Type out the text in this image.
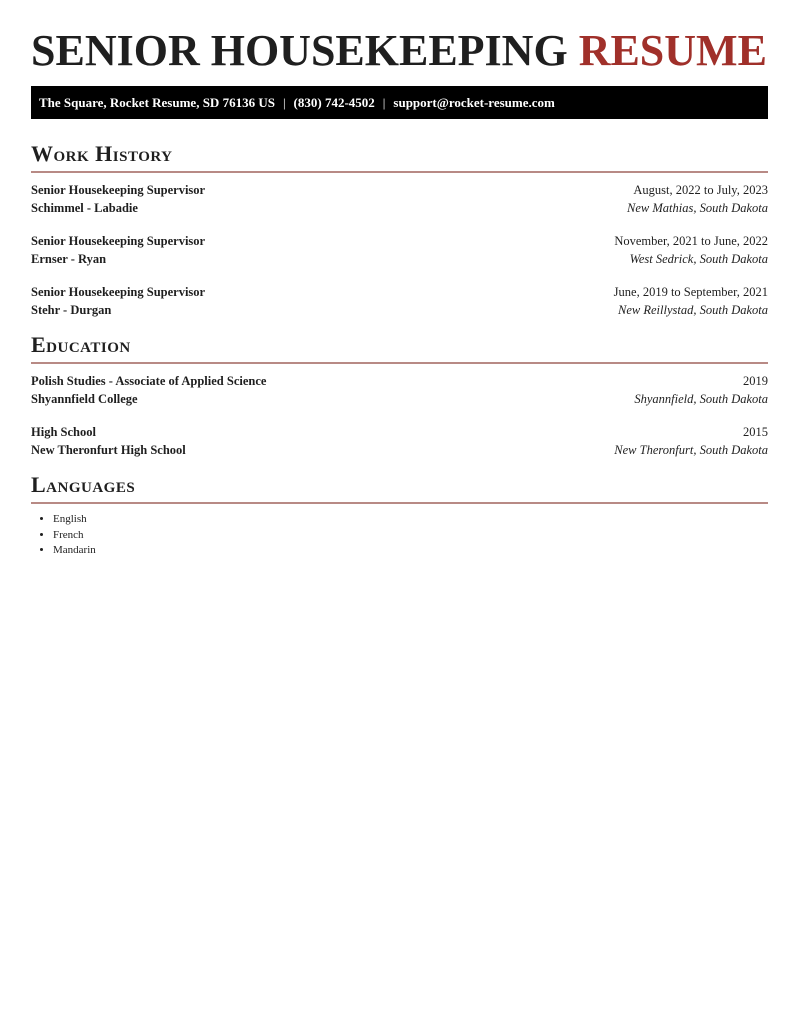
SENIOR HOUSEKEEPING RESUME
The Square, Rocket Resume, SD 76136 US | (830) 742-4502 | support@rocket-resume.com
Work History
Senior Housekeeping Supervisor	August, 2022 to July, 2023
Schimmel - Labadie	New Mathias, South Dakota
Senior Housekeeping Supervisor	November, 2021 to June, 2022
Ernser - Ryan	West Sedrick, South Dakota
Senior Housekeeping Supervisor	June, 2019 to September, 2021
Stehr - Durgan	New Reillystad, South Dakota
Education
Polish Studies - Associate of Applied Science	2019
Shyannfield College	Shyannfield, South Dakota
High School	2015
New Theronfurt High School	New Theronfurt, South Dakota
Languages
• English
• French
• Mandarin
